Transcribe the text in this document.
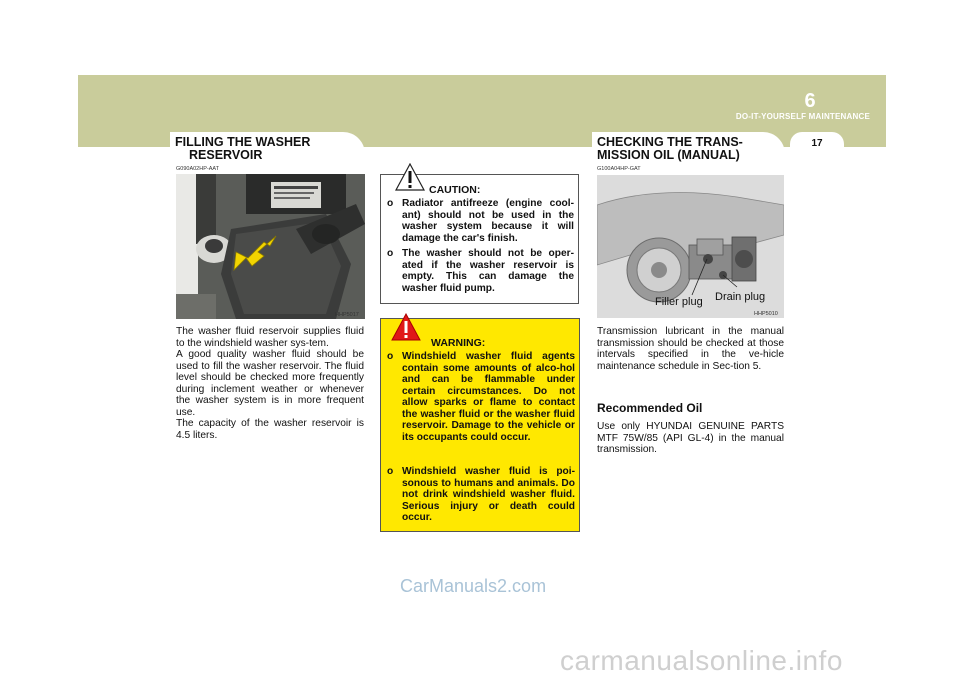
DO-IT-YOURSELF MAINTENANCE
6
17
FILLING THE WASHER
RESERVOIR
G090A02HP-AAT
HHP5017
The washer fluid reservoir supplies fluid to the windshield washer sys-tem.
A good quality washer fluid should be used to fill the washer reservoir. The fluid level should be checked more frequently during inclement weather or whenever the washer system is in more frequent use.
The capacity of the washer reservoir is 4.5 liters.
CAUTION:
o Radiator antifreeze (engine cool-ant) should not be used in the washer system because it will damage the car's finish.
o The washer should not be oper-ated if the washer reservoir is empty. This can damage the washer fluid pump.
WARNING:
o Windshield washer fluid agents contain some amounts of alco-hol and can be flammable under certain circumstances. Do not allow sparks or flame to contact the washer fluid or the washer fluid reservoir. Damage to the vehicle or its occupants could occur.
o Windshield washer fluid is poi-sonous to humans and animals. Do not drink windshield washer fluid. Serious injury or death could occur.
CHECKING THE TRANS-
MISSION OIL (MANUAL)
G100A04HP-GAT
Filler plug Drain plug
HHP5010
Transmission lubricant in the manual transmission should be checked at those intervals specified in the ve-hicle maintenance schedule in Sec-tion 5.
Recommended Oil
Use only HYUNDAI GENUINE PARTS MTF 75W/85 (API GL-4) in the manual transmission.
CarManuals2.com
carmanualsonline.info
